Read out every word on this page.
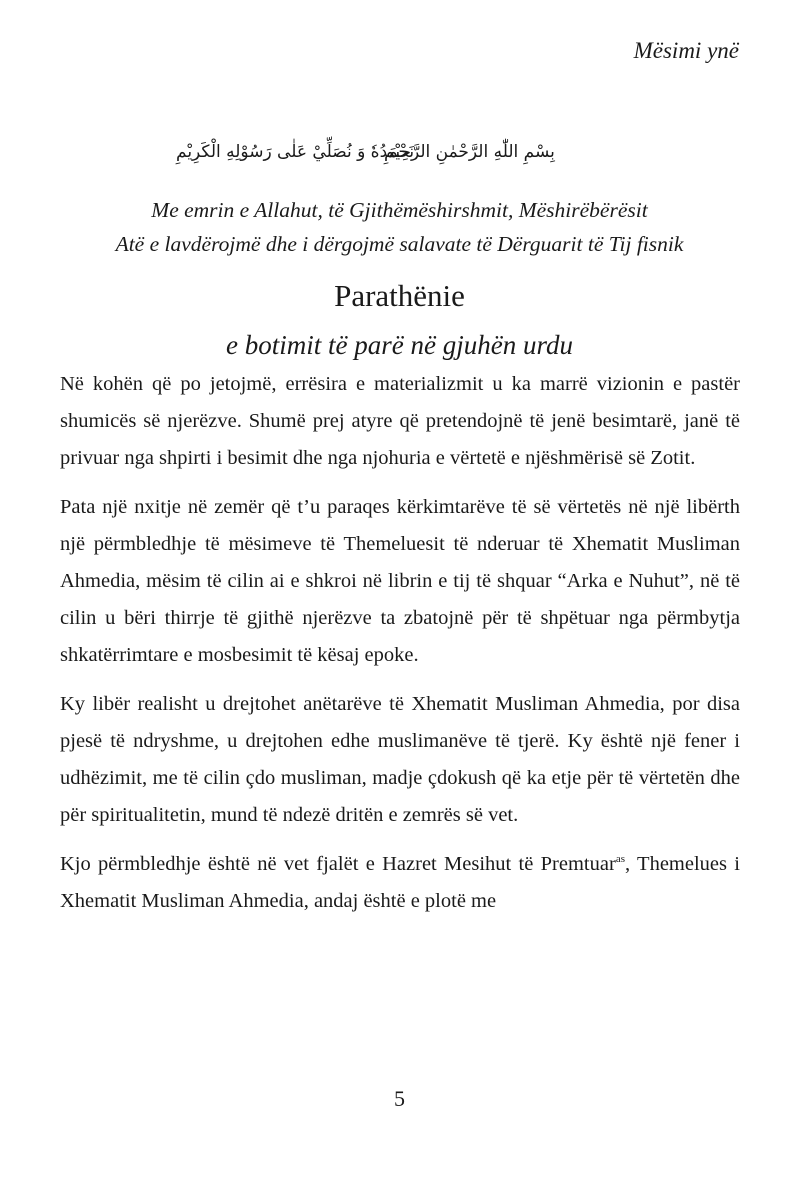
Mësimi ynë
نَحْمَدُهٗ وَ نُصَلِّيْ عَلٰى رَسُوْلِهِ الْكَرِيْمِ
بِسْمِ اللّٰهِ الرَّحْمٰنِ الرَّحِيْمِ
Me emrin e Allahut, të Gjithëmëshirshmit, Mëshirëbërësit
Atë e lavdërojmë dhe i dërgojmë salavate të Dërguarit të Tij fisnik
Parathënie
e botimit të parë në gjuhën urdu

Në kohën që po jetojmë, errësira e materializmit u ka marrë vizionin e pastër shumicës së njerëzve. Shumë prej atyre që pretendojnë të jenë besimtarë, janë të privuar nga shpirti i besimit dhe nga njohuria e vërtetë e njëshmërisë së Zotit.

Pata një nxitje në zemër që t’u paraqes kërkimtarëve të së vërtetës në një libërth një përmbledhje të mësimeve të Themeluesit të nderuar të Xhematit Musliman Ahmedia, mësim të cilin ai e shkroi në librin e tij të shquar “Arka e Nuhut”, në të cilin u bëri thirrje të gjithë njerëzve ta zbatojnë për të shpëtuar nga përmbytja shkatërrimtare e mosbesimit të kësaj epoke.

Ky libër realisht u drejtohet anëtarëve të Xhematit Musliman Ahmedia, por disa pjesë të ndryshme, u drejtohen edhe muslimanëve të tjerë. Ky është një fener i udhëzimit, me të cilin çdo musliman, madje çdokush që ka etje për të vërtetën dhe për spiritualitetin, mund të ndezë dritën e zemrës së vet.

Kjo përmbledhje është në vet fjalët e Hazret Mesihut të Premtuar$^{as}$, Themelues i Xhematit Musliman Ahmedia, andaj është e plotë me

5
